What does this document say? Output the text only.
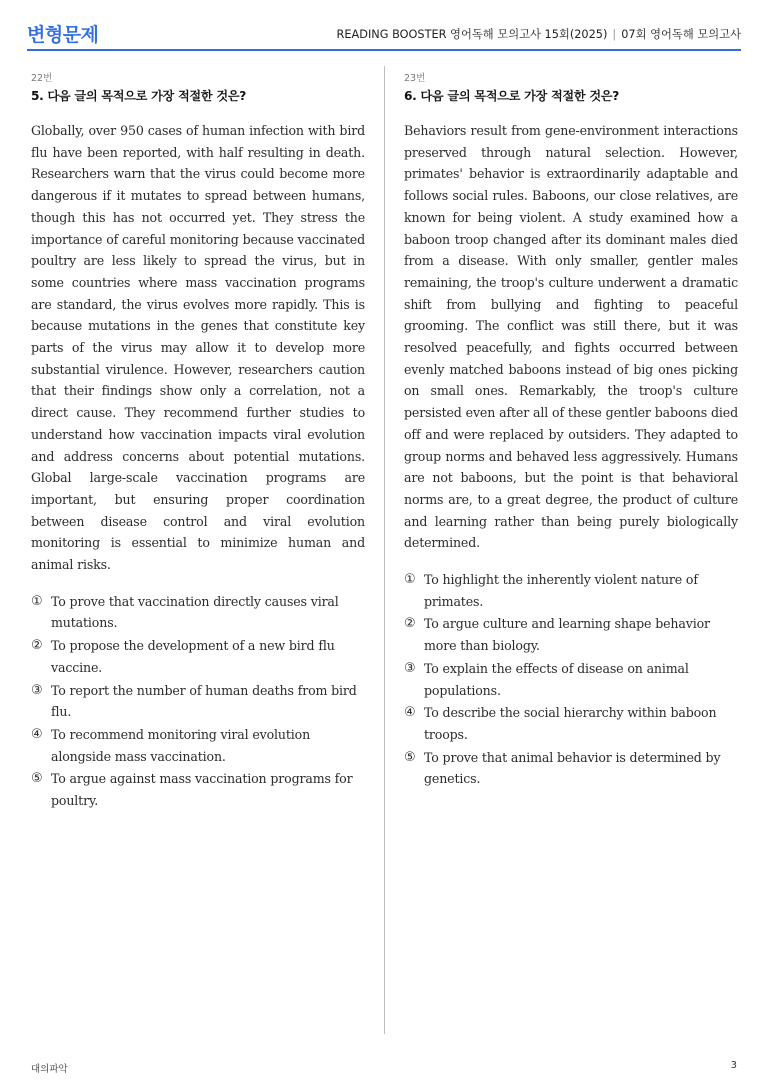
변형문제	READING BOOSTER 영어독해 모의고사 15회(2025) | 07회 영어독해 모의고사
22번
5. 다음 글의 목적으로 가장 적절한 것은?
Globally, over 950 cases of human infection with bird flu have been reported, with half resulting in death. Researchers warn that the virus could become more dangerous if it mutates to spread between humans, though this has not occurred yet. They stress the importance of careful monitoring because vaccinated poultry are less likely to spread the virus, but in some countries where mass vaccination programs are standard, the virus evolves more rapidly. This is because mutations in the genes that constitute key parts of the virus may allow it to develop more substantial virulence. However, researchers caution that their findings show only a correlation, not a direct cause. They recommend further studies to understand how vaccination impacts viral evolution and address concerns about potential mutations. Global large-scale vaccination programs are important, but ensuring proper coordination between disease control and viral evolution monitoring is essential to minimize human and animal risks.
① To prove that vaccination directly causes viral mutations.
② To propose the development of a new bird flu vaccine.
③ To report the number of human deaths from bird flu.
④ To recommend monitoring viral evolution alongside mass vaccination.
⑤ To argue against mass vaccination programs for poultry.
23번
6. 다음 글의 목적으로 가장 적절한 것은?
Behaviors result from gene-environment interactions preserved through natural selection. However, primates' behavior is extraordinarily adaptable and follows social rules. Baboons, our close relatives, are known for being violent. A study examined how a baboon troop changed after its dominant males died from a disease. With only smaller, gentler males remaining, the troop's culture underwent a dramatic shift from bullying and fighting to peaceful grooming. The conflict was still there, but it was resolved peacefully, and fights occurred between evenly matched baboons instead of big ones picking on small ones. Remarkably, the troop's culture persisted even after all of these gentler baboons died off and were replaced by outsiders. They adapted to group norms and behaved less aggressively. Humans are not baboons, but the point is that behavioral norms are, to a great degree, the product of culture and learning rather than being purely biologically determined.
① To highlight the inherently violent nature of primates.
② To argue culture and learning shape behavior more than biology.
③ To explain the effects of disease on animal populations.
④ To describe the social hierarchy within baboon troops.
⑤ To prove that animal behavior is determined by genetics.
대의파악	3
